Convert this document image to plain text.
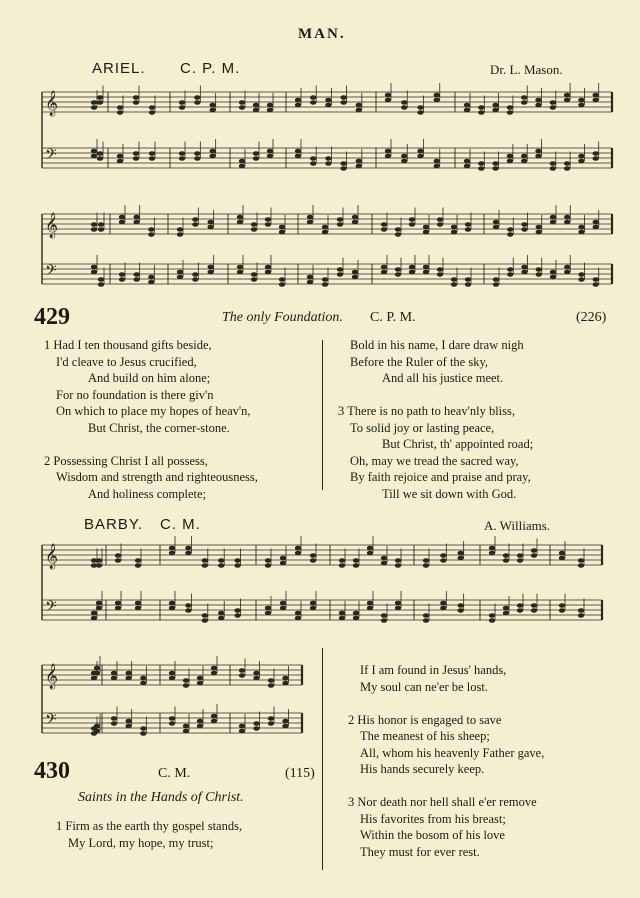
MAN.
ARIEL. C. P. M.	Dr. L. Mason.
𝄞
𝄢
𝄞
𝄢
𝄞
𝄢
𝄞
𝄢
429	The only Foundation. C. P. M.	(226)
1 Had I ten thousand gifts beside,
I'd cleave to Jesus crucified,
And build on him alone;
For no foundation is there giv'n
On which to place my hopes of heav'n,
But Christ, the corner-stone.

2 Possessing Christ I all possess,
Wisdom and strength and righteousness,
And holiness complete;
Bold in his name, I dare draw nigh
Before the Ruler of the sky,
And all his justice meet.

3 There is no path to heav'nly bliss,
To solid joy or lasting peace,
But Christ, th' appointed road;
Oh, may we tread the sacred way,
By faith rejoice and praise and pray,
Till we sit down with God.
BARBY. C. M.	A. Williams.
430	C. M.	(115)
Saints in the Hands of Christ.
1 Firm as the earth thy gospel stands,
My Lord, my hope, my trust;
If I am found in Jesus' hands,
My soul can ne'er be lost.

2 His honor is engaged to save
The meanest of his sheep;
All, whom his heavenly Father gave,
His hands securely keep.

3 Nor death nor hell shall e'er remove
His favorites from his breast;
Within the bosom of his love
They must for ever rest.
